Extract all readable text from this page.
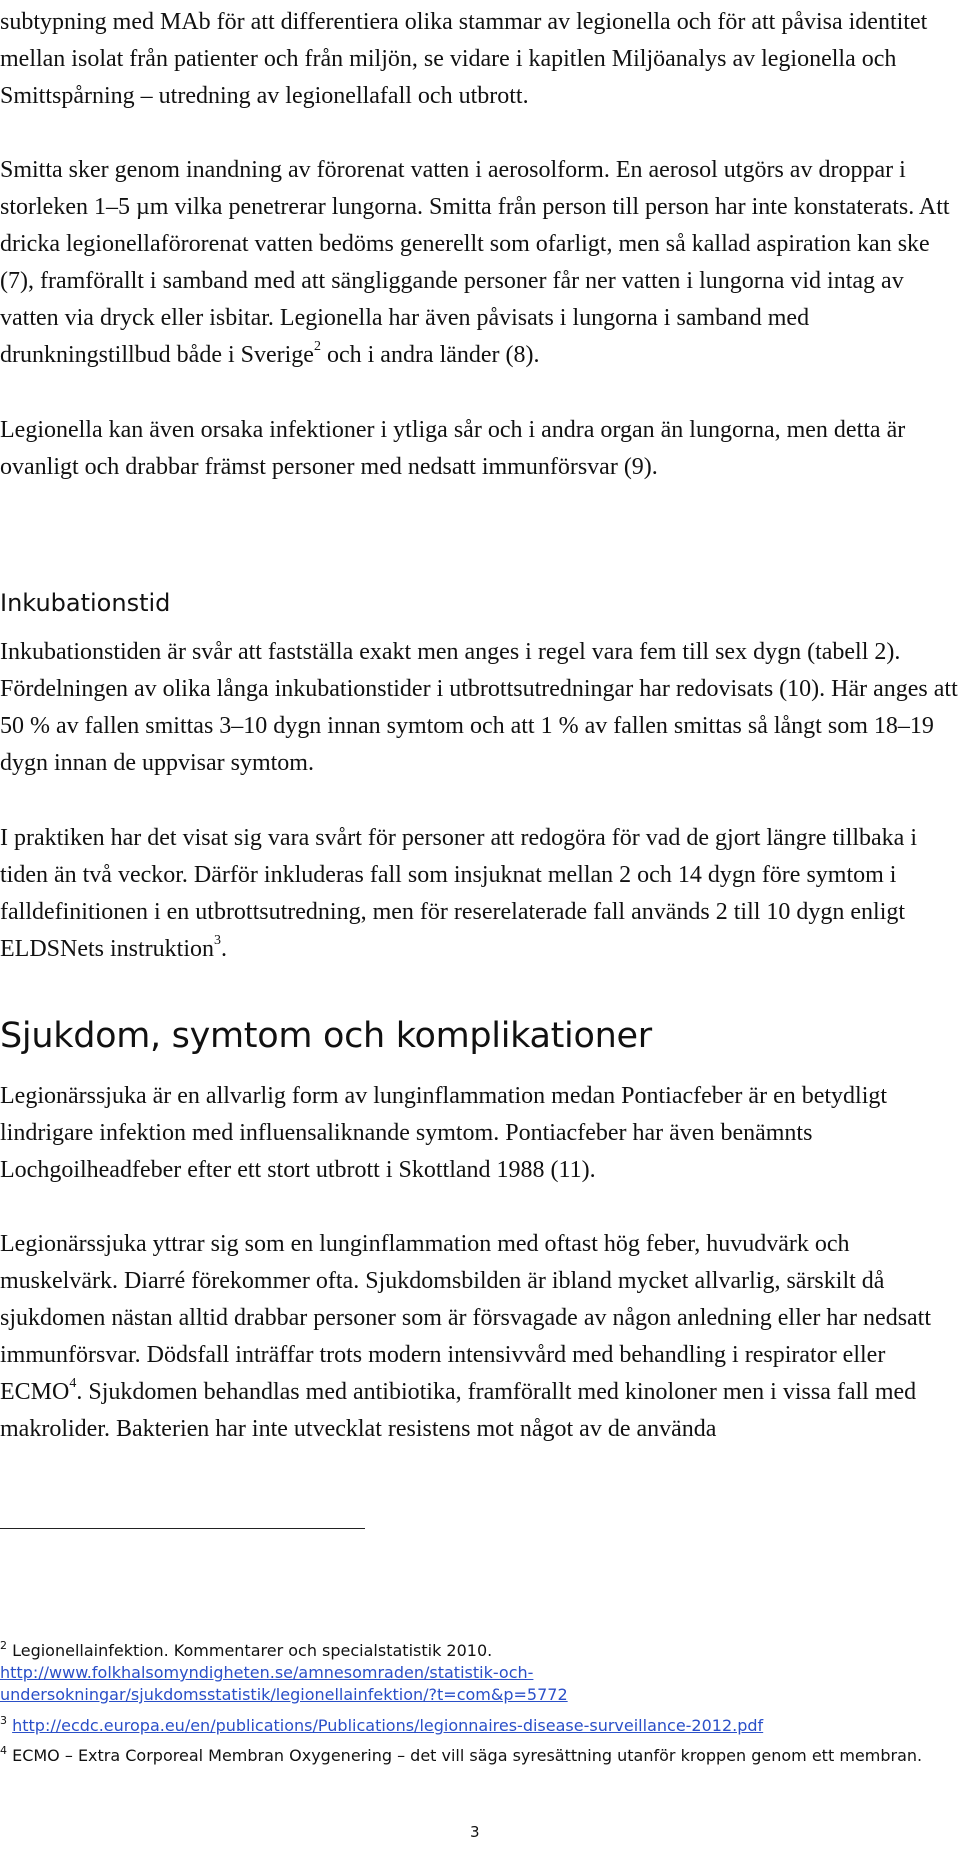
subtypning med MAb för att differentiera olika stammar av legionella och för att påvisa identitet mellan isolat från patienter och från miljön, se vidare i kapitlen Miljöanalys av legionella och Smittspårning – utredning av legionellafall och utbrott.

Smitta sker genom inandning av förorenat vatten i aerosolform. En aerosol utgörs av droppar i storleken 1–5 µm vilka penetrerar lungorna. Smitta från person till person har inte konstaterats. Att dricka legionellaförorenat vatten bedöms generellt som ofarligt, men så kallad aspiration kan ske (7), framförallt i samband med att sängliggande personer får ner vatten i lungorna vid intag av vatten via dryck eller isbitar. Legionella har även påvisats i lungorna i samband med drunkningstillbud både i Sverige$^2$ och i andra länder (8).

Legionella kan även orsaka infektioner i ytliga sår och i andra organ än lungorna, men detta är ovanligt och drabbar främst personer med nedsatt immunförsvar (9).

Inkubationstid

Inkubationstiden är svår att fastställa exakt men anges i regel vara fem till sex dygn (tabell 2). Fördelningen av olika långa inkubationstider i utbrottsutredningar har redovisats (10). Här anges att 50 % av fallen smittas 3–10 dygn innan symtom och att 1 % av fallen smittas så långt som 18–19 dygn innan de uppvisar symtom.

I praktiken har det visat sig vara svårt för personer att redogöra för vad de gjort längre tillbaka i tiden än två veckor. Därför inkluderas fall som insjuknat mellan 2 och 14 dygn före symtom i falldefinitionen i en utbrottsutredning, men för reserelaterade fall används 2 till 10 dygn enligt ELDSNets instruktion$^3$.

Sjukdom, symtom och komplikationer

Legionärssjuka är en allvarlig form av lunginflammation medan Pontiacfeber är en betydligt lindrigare infektion med influensaliknande symtom. Pontiacfeber har även benämnts Lochgoilheadfeber efter ett stort utbrott i Skottland 1988 (11).

Legionärssjuka yttrar sig som en lunginflammation med oftast hög feber, huvudvärk och muskelvärk. Diarré förekommer ofta. Sjukdomsbilden är ibland mycket allvarlig, särskilt då sjukdomen nästan alltid drabbar personer som är försvagade av någon anledning eller har nedsatt immunförsvar. Dödsfall inträffar trots modern intensivvård med behandling i respirator eller ECMO$^4$. Sjukdomen behandlas med antibiotika, framförallt med kinoloner men i vissa fall med makrolider. Bakterien har inte utvecklat resistens mot något av de använda

$^2$ Legionellainfektion. Kommentarer och specialstatistik 2010.

http://www.folkhalsomyndigheten.se/amnesomraden/statistik-och-

undersokningar/sjukdomsstatistik/legionellainfektion/?t=com&p=5772

$^3$ http://ecdc.europa.eu/en/publications/Publications/legionnaires-disease-surveillance-2012.pdf

$^4$ ECMO – Extra Corporeal Membran Oxygenering – det vill säga syresättning utanför kroppen genom ett membran.

3
